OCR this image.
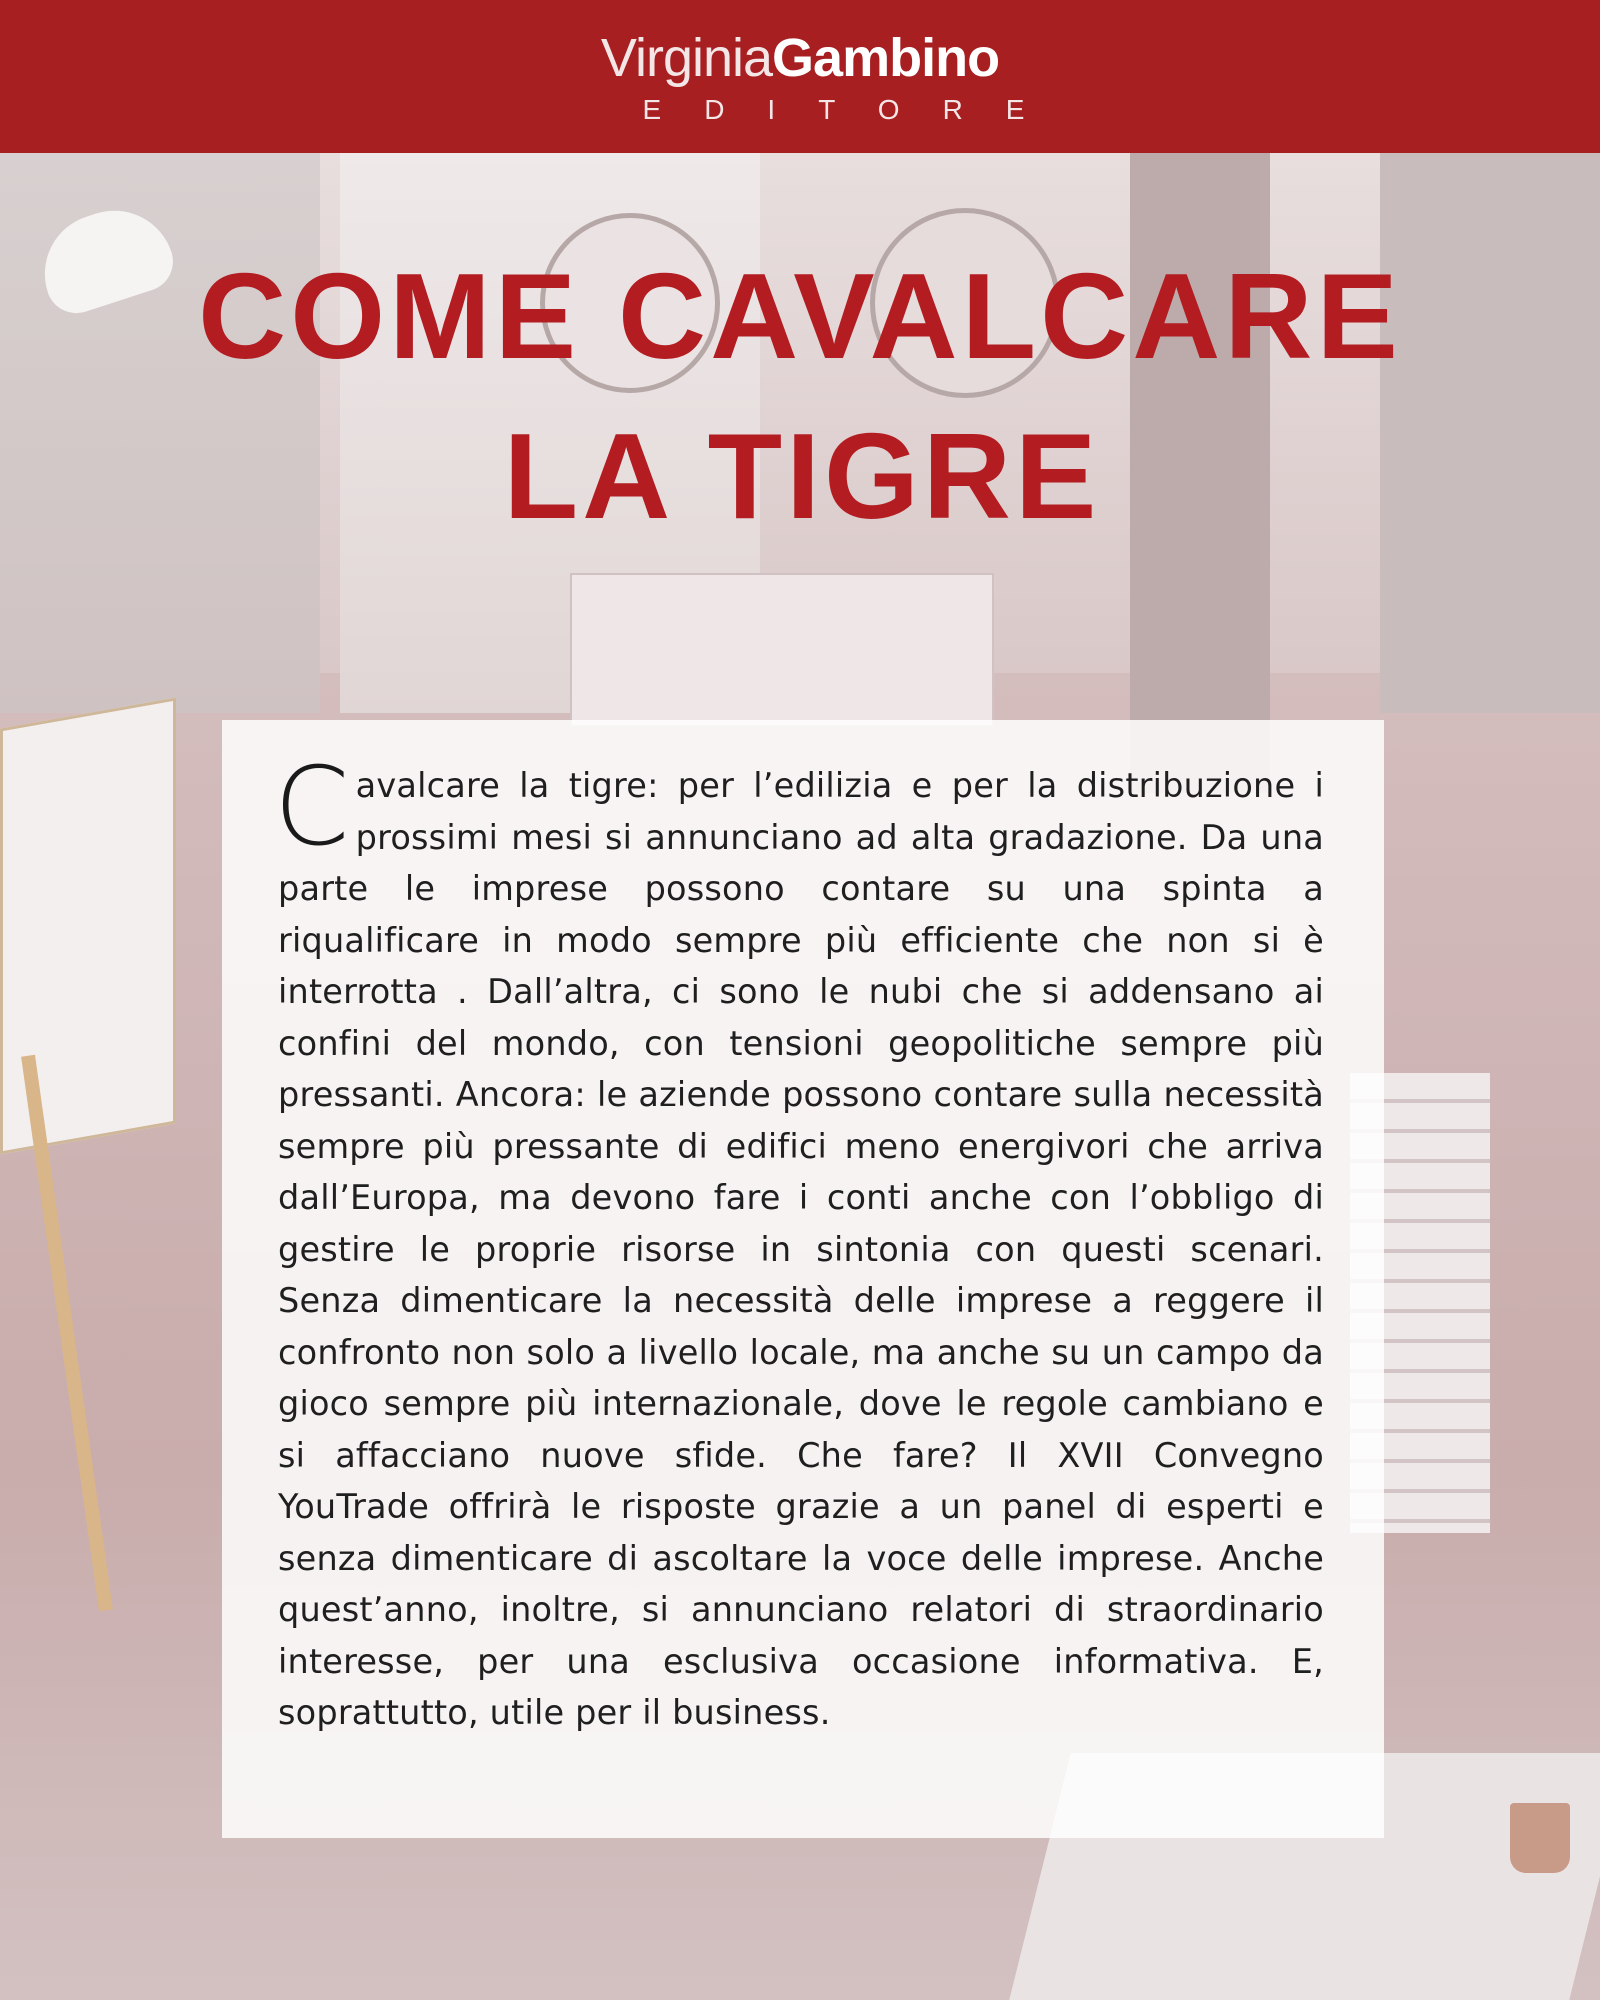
VirginiaGambino
EDITORE
COME CAVALCARE
LA TIGRE

Cavalcare la tigre: per l’edilizia e per la distribuzione i prossimi mesi si annunciano ad alta gradazione. Da una parte le imprese possono contare su una spinta a riqualificare in modo sempre più efficiente che non si è interrotta . Dall’altra, ci sono le nubi che si addensano ai confini del mondo, con tensioni geopolitiche sempre più pressanti. Ancora: le aziende possono contare sulla necessità sempre più pressante di edifici meno energivori che arriva dall’Europa, ma devono fare i conti anche con l’obbligo di gestire le proprie risorse in sintonia con questi scenari. Senza dimenticare la necessità delle imprese a reggere il confronto non solo a livello locale, ma anche su un campo da gioco sempre più internazionale, dove le regole cambiano e si affacciano nuove sfide. Che fare? Il XVII Convegno YouTrade offrirà le risposte grazie a un panel di esperti e senza dimenticare di ascoltare la voce delle imprese. Anche quest’anno, inoltre, si annunciano relatori di straordinario interesse, per una esclusiva occasione informativa. E, soprattutto, utile per il business.
